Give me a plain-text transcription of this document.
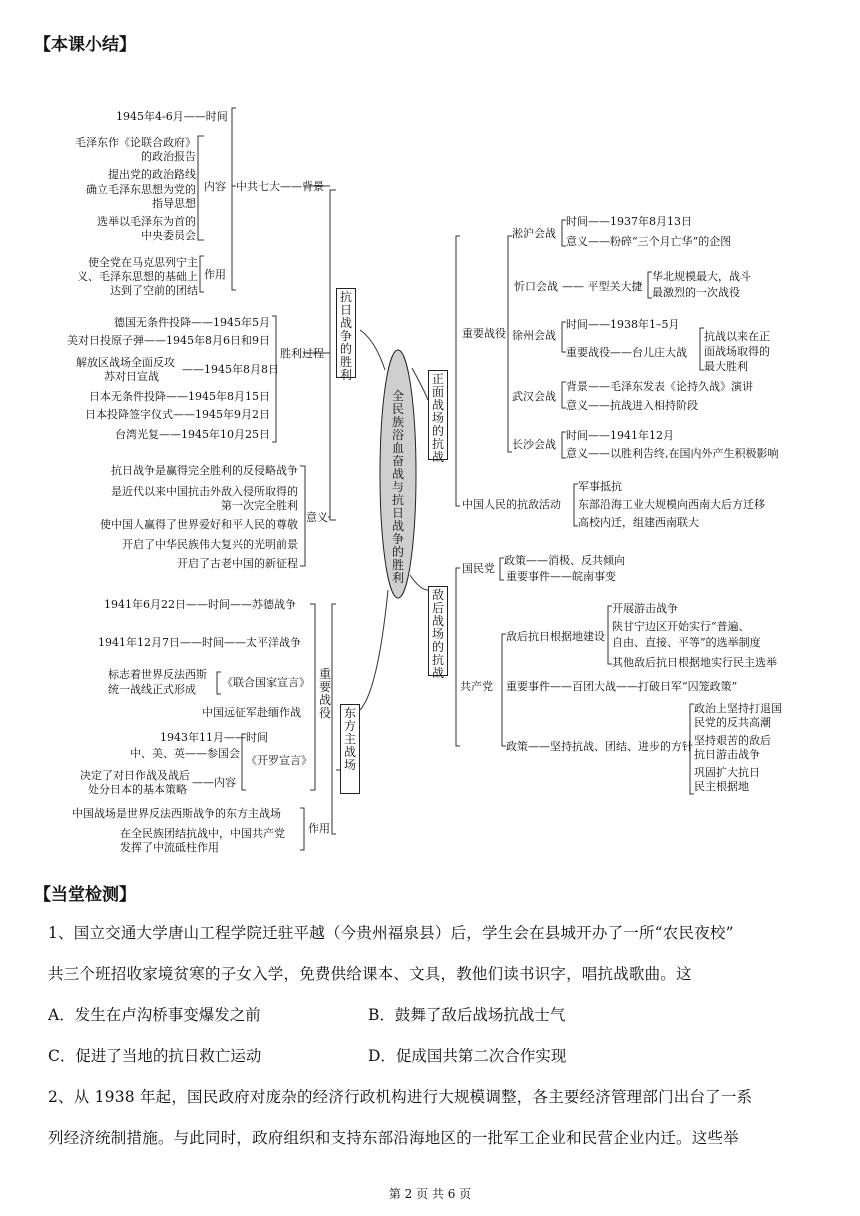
【本课小结】
全民族浴血奋战与抗日战争的胜利
抗日战争的胜利
1945年4-6月——时间
中共七大——背景
内容
毛泽东作《论联合政府》
的政治报告
提出党的政治路线
确立毛泽东思想为党的
指导思想
选举以毛泽东为首的
中央委员会
作用
使全党在马克思列宁主
义、毛泽东思想的基础上
达到了空前的团结
德国无条件投降——1945年5月
美对日投原子弹——1945年8月6日和9日
解放区战场全面反攻
苏对日宣战
——1945年8月8日
日本无条件投降——1945年8月15日
日本投降签字仪式——1945年9月2日
台湾光复——1945年10月25日
胜利过程
抗日战争是赢得完全胜利的反侵略战争
是近代以来中国抗击外敌入侵所取得的
第一次完全胜利
使中国人赢得了世界爱好和平人民的尊敬
开启了中华民族伟大复兴的光明前景
开启了古老中国的新征程
意义
东方主战场
重要战役
1941年6月22日——时间——苏德战争
1941年12月7日——时间——太平洋战争
标志着世界反法西斯
统一战线正式形成
《联合国家宣言》
中国远征军赴缅作战
1943年11月——时间
中、美、英——参国会
《开罗宣言》
决定了对日作战及战后
处分日本的基本策略
——内容
中国战场是世界反法西斯战争的东方主战场
在全民族团结抗战中，中国共产党
发挥了中流砥柱作用
作用
正面战场的抗战
重要战役
淞沪会战
时间——1937年8月13日
意义——粉碎“三个月亡华”的企图
忻口会战 —— 平型关大捷
华北规模最大，战斗
最激烈的一次战役
徐州会战
时间——1938年1–5月
重要战役——台儿庄大战
抗战以来在正
面战场取得的
最大胜利
武汉会战
背景——毛泽东发表《论持久战》演讲
意义——抗战进入相持阶段
长沙会战
时间——1941年12月
意义——以胜利告终,在国内外产生积极影响
中国人民的抗敌活动
军事抵抗
东部沿海工业大规模向西南大后方迁移
高校内迁，组建西南联大
敌后战场的抗战
国民党
政策——消极、反共倾向
重要事件——皖南事变
共产党
敌后抗日根据地建设
开展游击战争
陕甘宁边区开始实行“普遍、
自由、直接、平等”的选举制度
其他敌后抗日根据地实行民主选举
重要事件——百团大战——打破日军“囚笼政策”
政策——坚持抗战、团结、进步的方针
政治上坚持打退国
民党的反共高潮
坚持艰苦的敌后
抗日游击战争
巩固扩大抗日
民主根据地
【当堂检测】
1、国立交通大学唐山工程学院迁驻平越（今贵州福泉县）后，学生会在县城开办了一所“农民夜校”
共三个班招收家境贫寒的子女入学，免费供给课本、文具，教他们读书识字，唱抗战歌曲。这
A．发生在卢沟桥事变爆发之前	B．鼓舞了敌后战场抗战士气
C．促进了当地的抗日救亡运动	D．促成国共第二次合作实现
2、从 1938 年起，国民政府对庞杂的经济行政机构进行大规模调整，各主要经济管理部门出台了一系
列经济统制措施。与此同时，政府组织和支持东部沿海地区的一批军工企业和民营企业内迁。这些举
第 2 页 共 6 页
